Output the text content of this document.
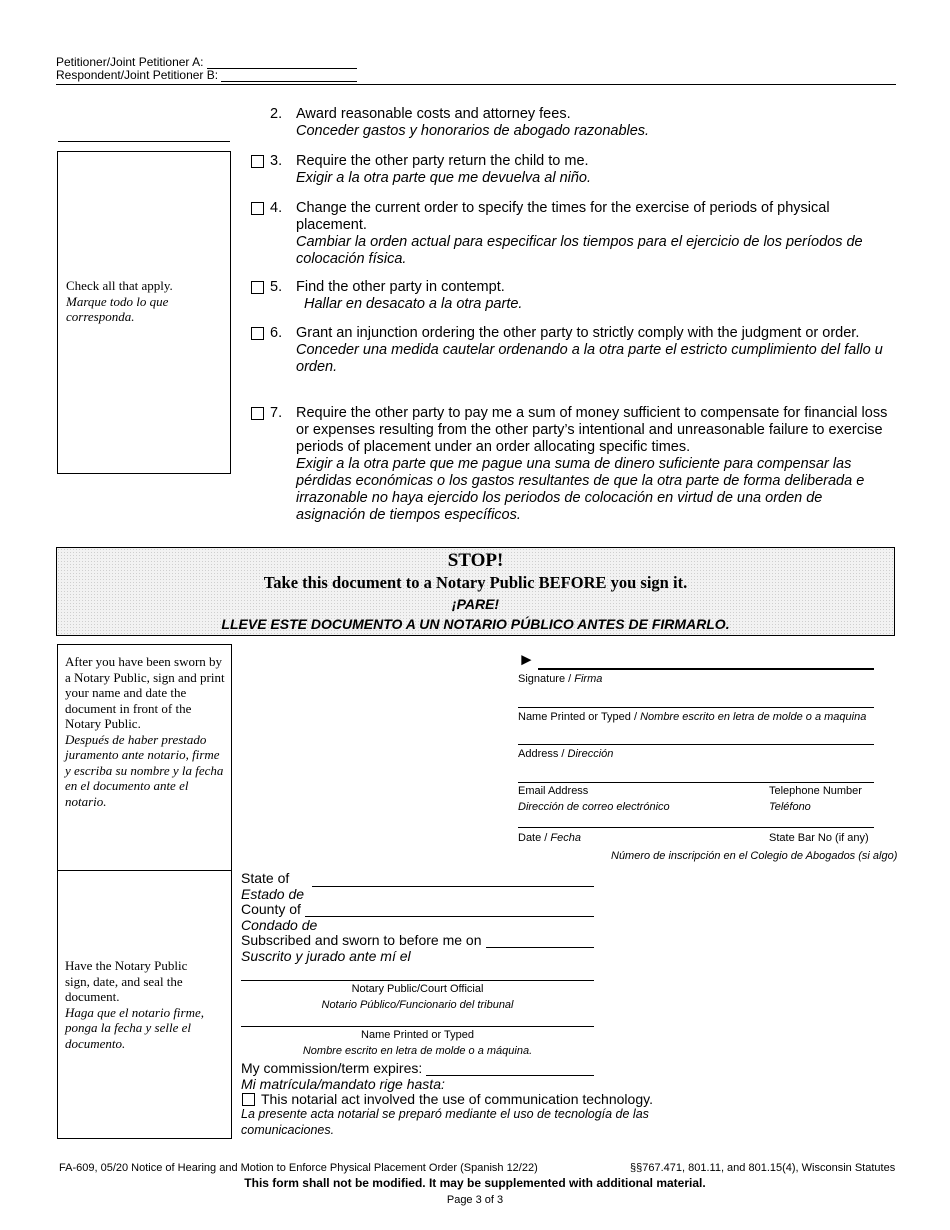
Petitioner/Joint Petitioner A:
Respondent/Joint Petitioner B:
Check all that apply.
Marque todo lo que corresponda.
2. Award reasonable costs and attorney fees.
Conceder gastos y honorarios de abogado razonables.
3. Require the other party return the child to me.
Exigir a la otra parte que me devuelva al niño.
4. Change the current order to specify the times for the exercise of periods of physical placement.
Cambiar la orden actual para especificar los tiempos para el ejercicio de los períodos de colocación física.
5. Find the other party in contempt.
Hallar en desacato a la otra parte.
6. Grant an injunction ordering the other party to strictly comply with the judgment or order.
Conceder una medida cautelar ordenando a la otra parte el estricto cumplimiento del fallo u orden.
7. Require the other party to pay me a sum of money sufficient to compensate for financial loss or expenses resulting from the other party’s intentional and unreasonable failure to exercise periods of placement under an order allocating specific times.
Exigir a la otra parte que me pague una suma de dinero suficiente para compensar las pérdidas económicas o los gastos resultantes de que la otra parte de forma deliberada e irrazonable no haya ejercido los periodos de colocación en virtud de una orden de asignación de tiempos específicos.
STOP!
Take this document to a Notary Public BEFORE you sign it.
¡PARE!
LLEVE ESTE DOCUMENTO A UN NOTARIO PÚBLICO ANTES DE FIRMARLO.
After you have been sworn by a Notary Public, sign and print your name and date the document in front of the Notary Public.
Después de haber prestado juramento ante notario, firme y escriba su nombre y la fecha en el documento ante el notario.
Have the Notary Public sign, date, and seal the document.
Haga que el notario firme, ponga la fecha y selle el documento.
►
Signature / Firma
Name Printed or Typed / Nombre escrito en letra de molde o a maquina
Address / Dirección
Email Address
Dirección de correo electrónico
Telephone Number
Teléfono
Date / Fecha	State Bar No (if any)
Número de inscripción en el Colegio de Abogados (si algo)
State of
Estado de
County of
Condado de
Subscribed and sworn to before me on
Suscrito y jurado ante mí el
Notary Public/Court Official
Notario Público/Funcionario del tribunal
Name Printed or Typed
Nombre escrito en letra de molde o a máquina.
My commission/term expires:
Mi matrícula/mandato rige hasta:
This notarial act involved the use of communication technology.
La presente acta notarial se preparó mediante el uso de tecnología de las comunicaciones.
FA-609, 05/20 Notice of Hearing and Motion to Enforce Physical Placement Order (Spanish 12/22)	§§767.471, 801.11, and 801.15(4), Wisconsin Statutes
This form shall not be modified. It may be supplemented with additional material.
Page 3 of 3
